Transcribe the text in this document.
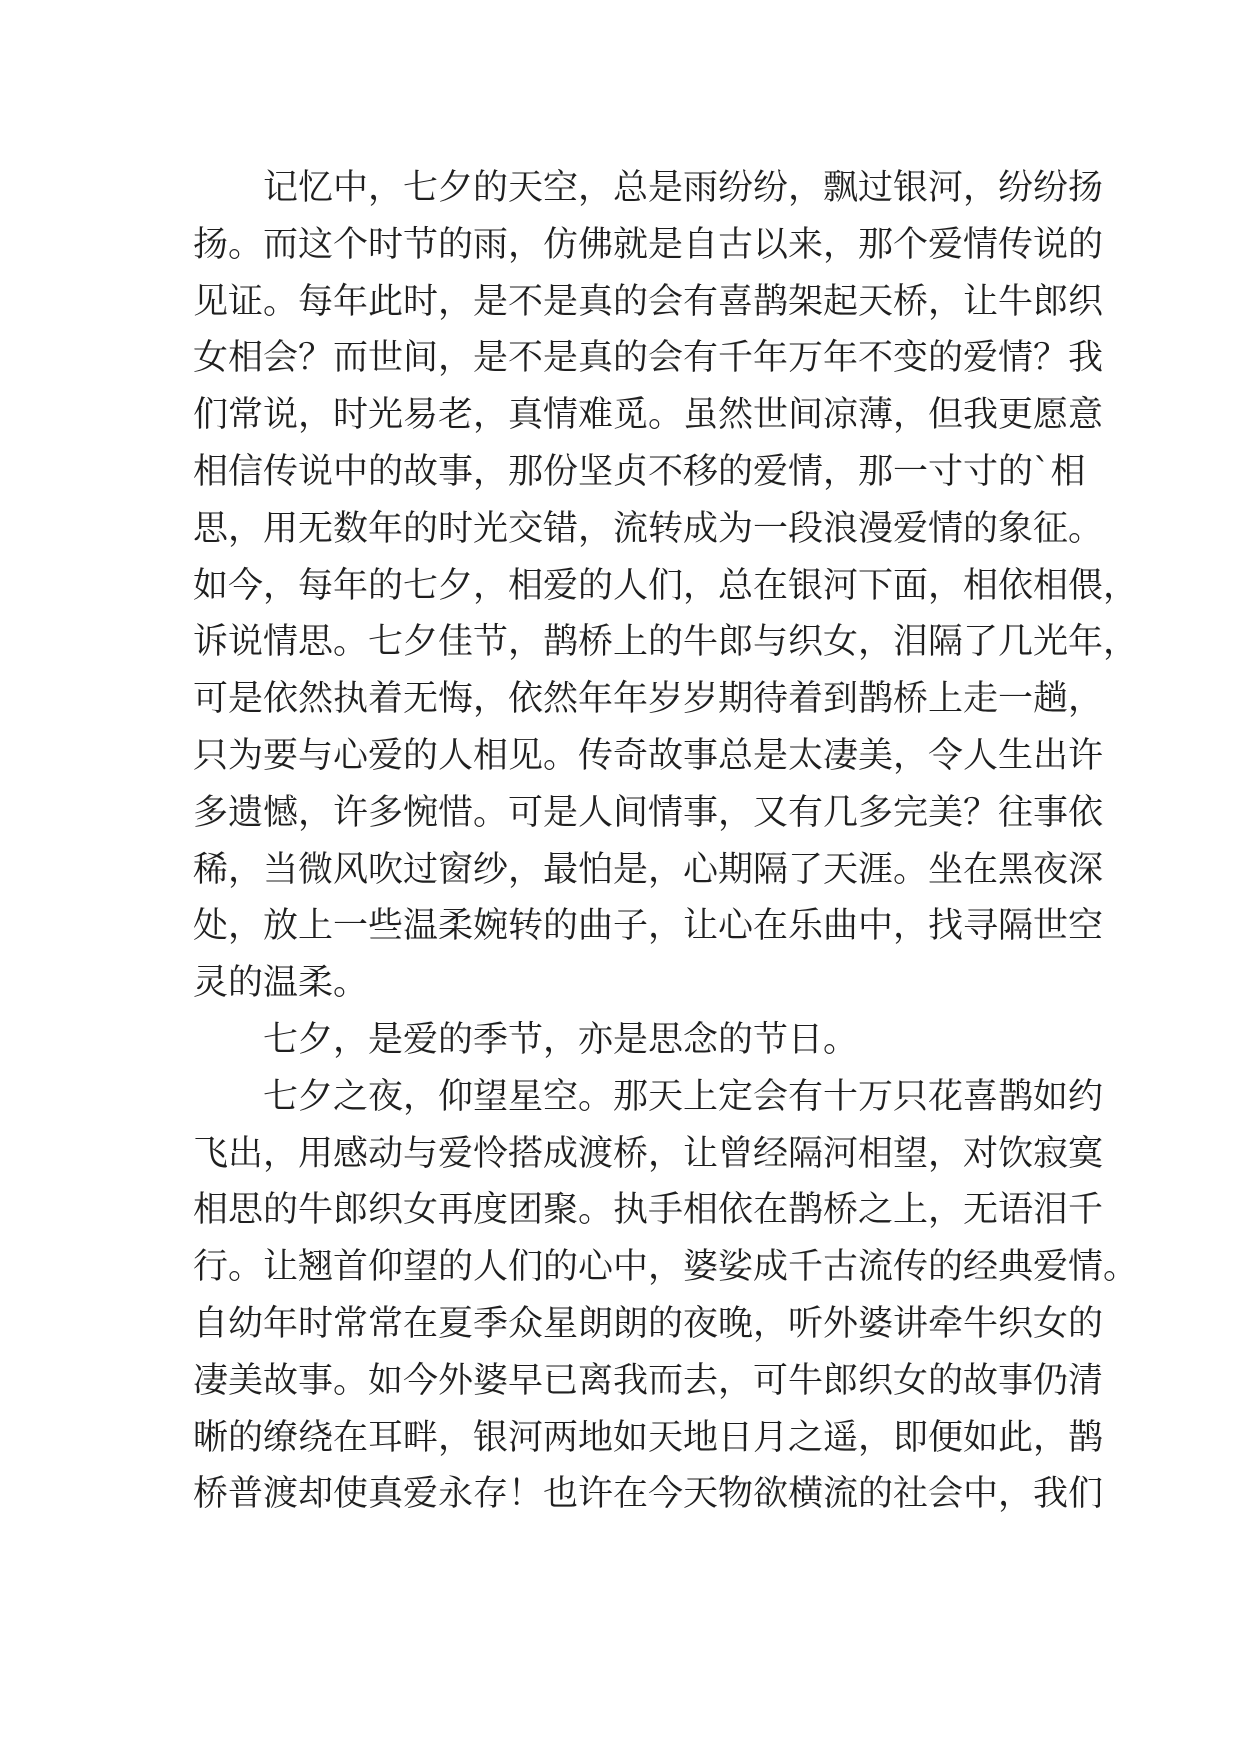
记忆中，七夕的天空，总是雨纷纷，飘过银河，纷纷扬
扬。而这个时节的雨，仿佛就是自古以来，那个爱情传说的
见证。每年此时，是不是真的会有喜鹊架起天桥，让牛郎织
女相会？而世间，是不是真的会有千年万年不变的爱情？我
们常说，时光易老，真情难觅。虽然世间凉薄，但我更愿意
相信传说中的故事，那份坚贞不移的爱情，那一寸寸的`相
思，用无数年的时光交错，流转成为一段浪漫爱情的象征。
如今，每年的七夕，相爱的人们，总在银河下面，相依相偎，
诉说情思。七夕佳节，鹊桥上的牛郎与织女，泪隔了几光年，
可是依然执着无悔，依然年年岁岁期待着到鹊桥上走一趟，
只为要与心爱的人相见。传奇故事总是太凄美，令人生出许
多遗憾，许多惋惜。可是人间情事，又有几多完美？往事依
稀，当微风吹过窗纱，最怕是，心期隔了天涯。坐在黑夜深
处，放上一些温柔婉转的曲子，让心在乐曲中，找寻隔世空
灵的温柔。
七夕，是爱的季节，亦是思念的节日。
七夕之夜，仰望星空。那天上定会有十万只花喜鹊如约
飞出，用感动与爱怜搭成渡桥，让曾经隔河相望，对饮寂寞
相思的牛郎织女再度团聚。执手相依在鹊桥之上，无语泪千
行。让翘首仰望的人们的心中，婆娑成千古流传的经典爱情。
自幼年时常常在夏季众星朗朗的夜晚，听外婆讲牵牛织女的
凄美故事。如今外婆早已离我而去，可牛郎织女的故事仍清
晰的缭绕在耳畔，银河两地如天地日月之遥，即便如此，鹊
桥普渡却使真爱永存！也许在今天物欲横流的社会中，我们
